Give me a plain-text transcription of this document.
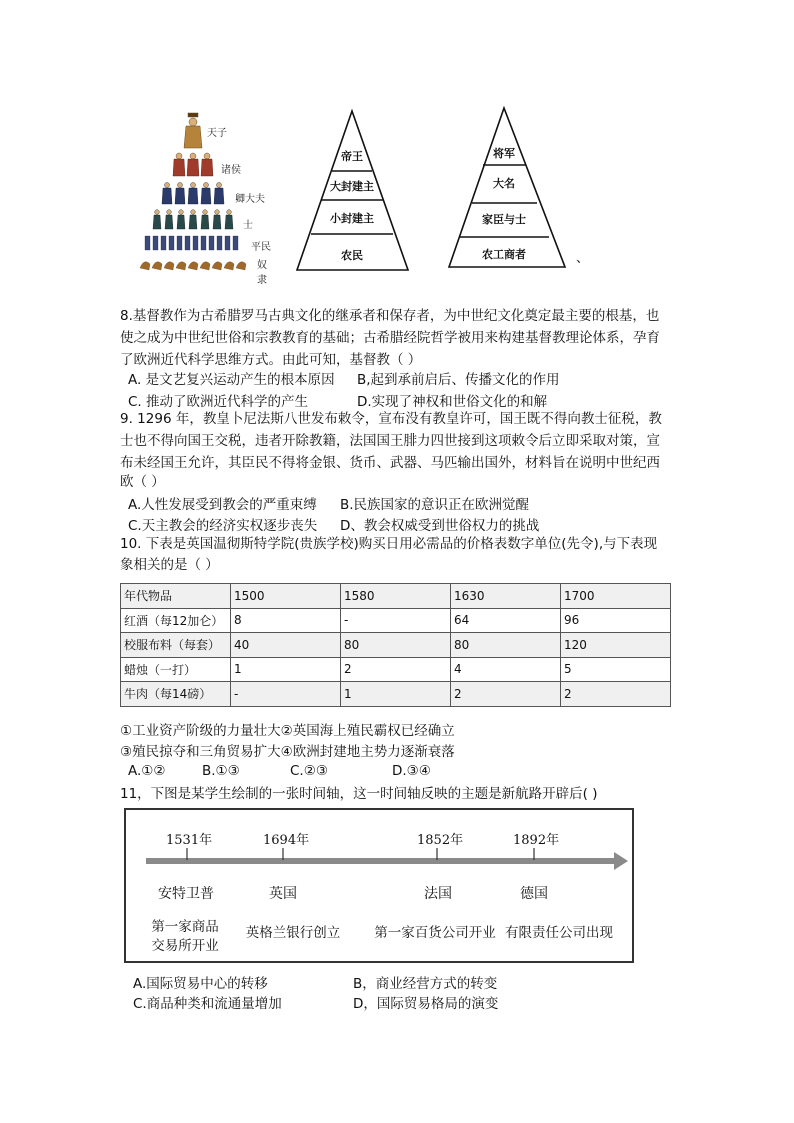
天子
诸侯
卿大夫
士
平民
奴隶
帝王
大封建主
小封建主
农民
将军
大名
家臣与士
农工商者	、
8.基督教作为古希腊罗马古典文化的继承者和保存者，为中世纪文化奠定最主要的根基，也
使之成为中世纪世俗和宗教教育的基础；古希腊经院哲学被用来构建基督教理论体系，孕育
了欧洲近代科学思维方式。由此可知，基督教（ ）
A. 是文艺复兴运动产生的根本原因 B,起到承前启后、传播文化的作用
C. 推动了欧洲近代科学的产生	D.实现了神权和世俗文化的和解
9. 1296 年，教皇卜尼法斯八世发布敕令，宣布没有教皇许可，国王既不得向教士征税，教
士也不得向国王交税，违者开除教籍，法国国王腓力四世接到这项敕令后立即采取对策，宣
布未经国王允许，其臣民不得将金银、货币、武器、马匹输出国外，材料旨在说明中世纪西
欧（ ）
A.人性发展受到教会的严重束缚 B.民族国家的意识正在欧洲觉醒
C.天主教会的经济实权逐步丧失 D、教会权威受到世俗权力的挑战
10. 下表是英国温彻斯特学院(贵族学校)购买日用必需品的价格表数字单位(先令),与下表现
象相关的是（ ）
年代物品	1500	1580	1630	1700
红酒（每12加仑）	8	-	64	96
校服布料（每套）	40	80	80	120
蜡烛（一打）	1	2	4	5
牛肉（每14磅）	-	1	2	2
①工业资产阶级的力量壮大②英国海上殖民霸权已经确立
③殖民掠夺和三角贸易扩大④欧洲封建地主势力逐渐衰落
A.①②	B.①③	C.②③	D.③④
11，下图是某学生绘制的一张时间轴，这一时间轴反映的主题是新航路开辟后( )
1531年	1694年	1852年	1892年
安特卫普	英国	法国	德国
第一家商品
交易所开业
英格兰银行创立	第一家百货公司开业 有限责任公司出现
A.国际贸易中心的转移	B，商业经营方式的转变
C.商品种类和流通量增加	D，国际贸易格局的演变
